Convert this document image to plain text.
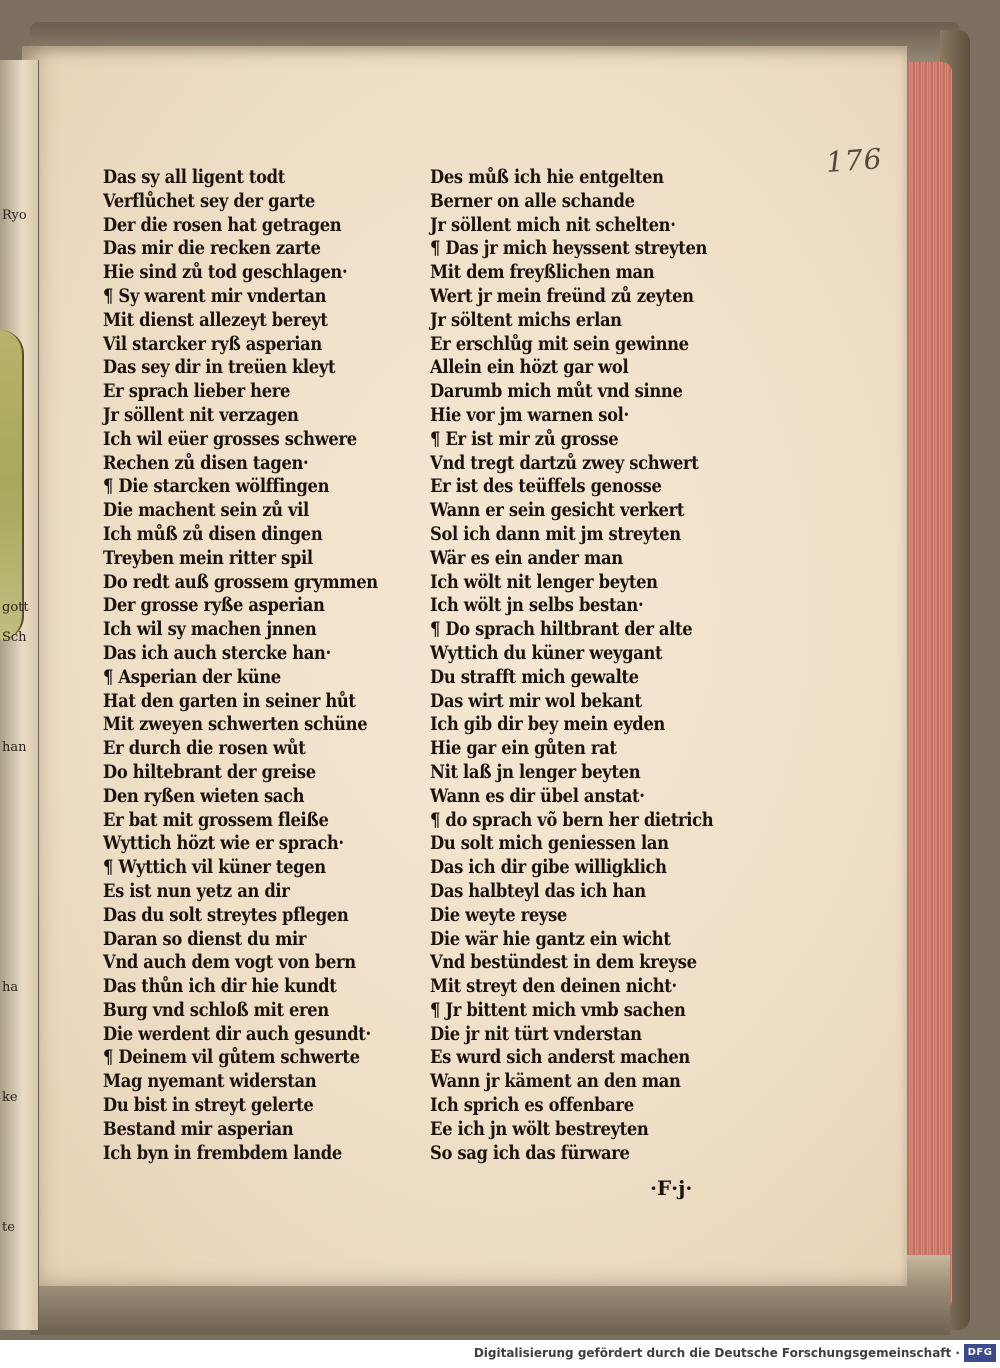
Ryo
gott
Sch
han
ha
ke
te
176
Das sy all ligent todt
Verflůchet sey der garte
Der die rosen hat getragen
Das mir die recken zarte
Hie sind zů tod geschlagen·
¶ Sy warent mir vndertan
Mit dienst allezeyt bereyt
Vil starcker ryß asperian
Das sey dir in treüen kleyt
Er sprach lieber here
Jr söllent nit verzagen
Ich wil eüer grosses schwere
Rechen zů disen tagen·
¶ Die starcken wölffingen
Die machent sein zů vil
Ich můß zů disen dingen
Treyben mein ritter spil
Do redt auß grossem grymmen
Der grosse ryße asperian
Ich wil sy machen jnnen
Das ich auch stercke han·
¶ Asperian der küne
Hat den garten in seiner hůt
Mit zweyen schwerten schüne
Er durch die rosen wůt
Do hiltebrant der greise
Den ryßen wieten sach
Er bat mit grossem fleiße
Wyttich hözt wie er sprach·
¶ Wyttich vil küner tegen
Es ist nun yetz an dir
Das du solt streytes pflegen
Daran so dienst du mir
Vnd auch dem vogt von bern
Das thůn ich dir hie kundt
Burg vnd schloß mit eren
Die werdent dir auch gesundt·
¶ Deinem vil gůtem schwerte
Mag nyemant widerstan
Du bist in streyt gelerte
Bestand mir asperian
Ich byn in frembdem lande
Des můß ich hie entgelten
Berner on alle schande
Jr söllent mich nit schelten·
¶ Das jr mich heyssent streyten
Mit dem freyßlichen man
Wert jr mein freünd zů zeyten
Jr söltent michs erlan
Er erschlůg mit sein gewinne
Allein ein hözt gar wol
Darumb mich můt vnd sinne
Hie vor jm warnen sol·
¶ Er ist mir zů grosse
Vnd tregt dartzů zwey schwert
Er ist des teüffels genosse
Wann er sein gesicht verkert
Sol ich dann mit jm streyten
Wär es ein ander man
Ich wölt nit lenger beyten
Ich wölt jn selbs bestan·
¶ Do sprach hiltbrant der alte
Wyttich du küner weygant
Du strafft mich gewalte
Das wirt mir wol bekant
Ich gib dir bey mein eyden
Hie gar ein gůten rat
Nit laß jn lenger beyten
Wann es dir übel anstat·
¶ do sprach võ bern her dietrich
Du solt mich geniessen lan
Das ich dir gibe willigklich
Das halbteyl das ich han
Die weyte reyse
Die wär hie gantz ein wicht
Vnd bestündest in dem kreyse
Mit streyt den deinen nicht·
¶ Jr bittent mich vmb sachen
Die jr nit türt vnderstan
Es wurd sich anderst machen
Wann jr käment an den man
Ich sprich es offenbare
Ee ich jn wölt bestreyten
So sag ich das fürware
·F·j·
Digitalisierung gefördert durch die Deutsche Forschungsgemeinschaft · DFG
